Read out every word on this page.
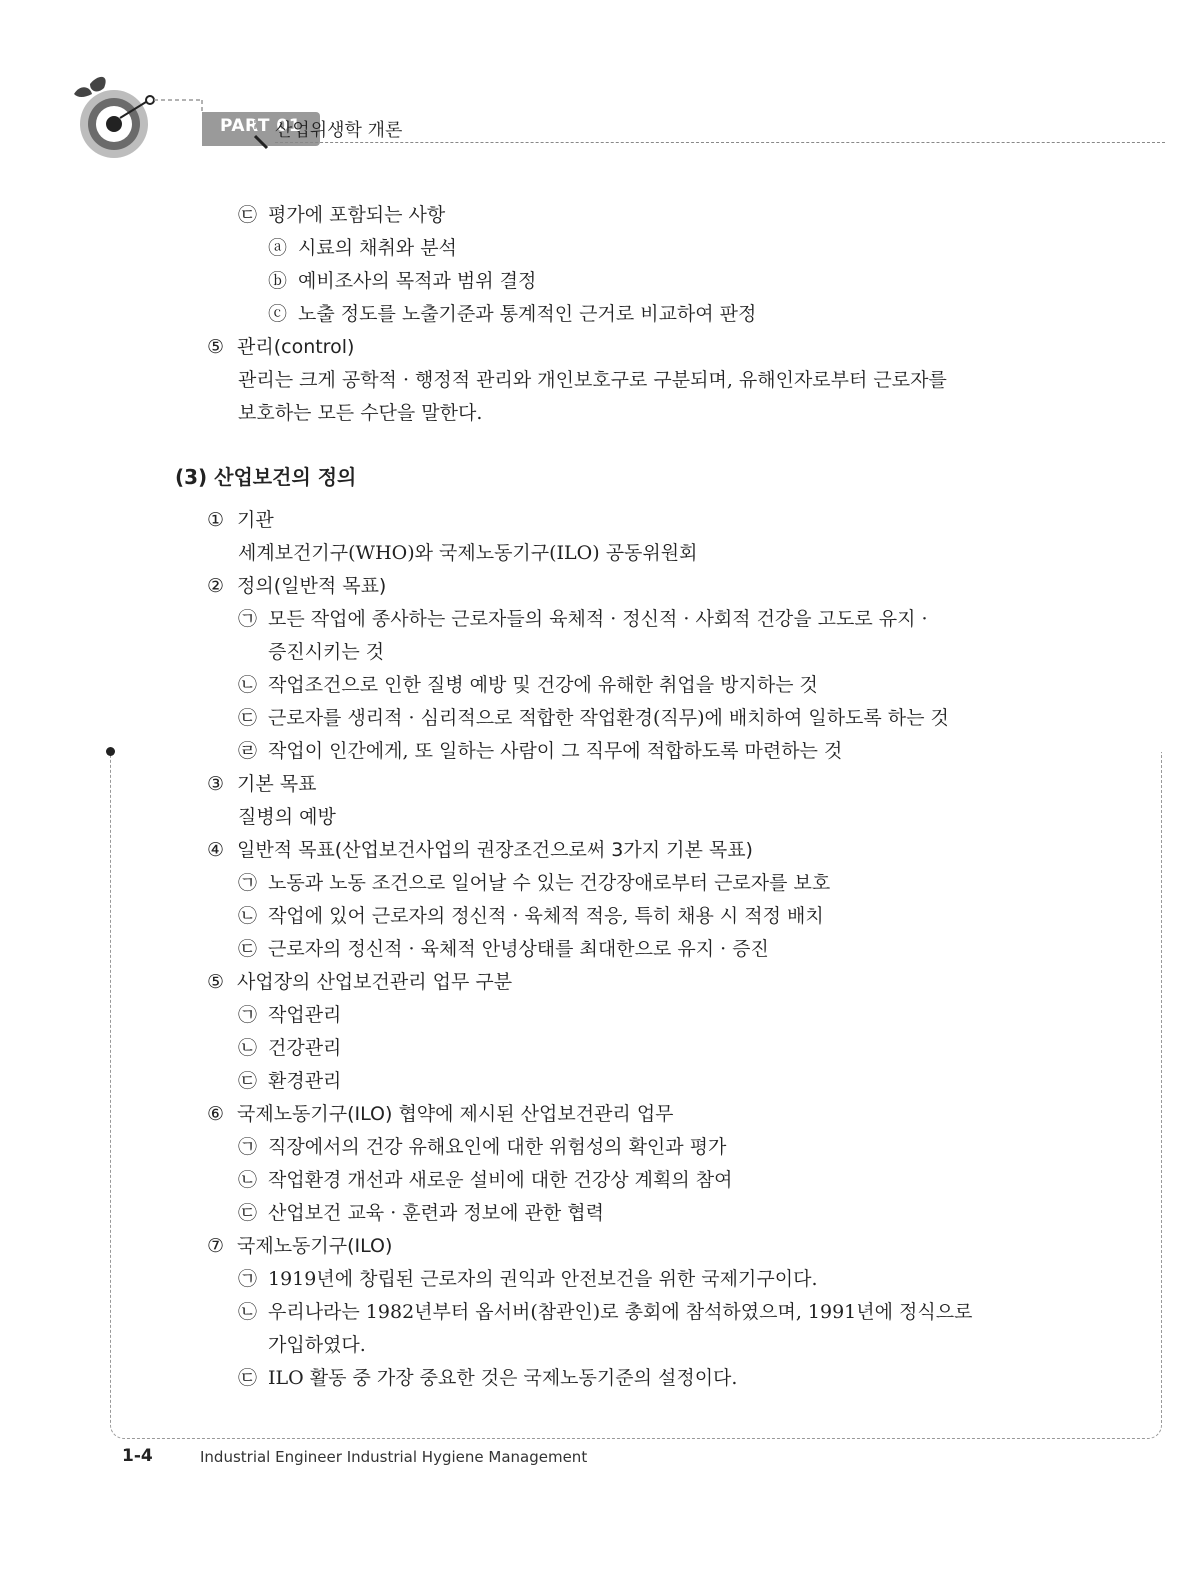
PART 01
산업위생학 개론
㉢ 평가에 포함되는 사항
ⓐ 시료의 채취와 분석
ⓑ 예비조사의 목적과 범위 결정
ⓒ 노출 정도를 노출기준과 통계적인 근거로 비교하여 판정
⑤ 관리(control)
관리는 크게 공학적 · 행정적 관리와 개인보호구로 구분되며, 유해인자로부터 근로자를
보호하는 모든 수단을 말한다.
(3) 산업보건의 정의
① 기관
세계보건기구(WHO)와 국제노동기구(ILO) 공동위원회
② 정의(일반적 목표)
㉠ 모든 작업에 종사하는 근로자들의 육체적 · 정신적 · 사회적 건강을 고도로 유지 ·
증진시키는 것
㉡ 작업조건으로 인한 질병 예방 및 건강에 유해한 취업을 방지하는 것
㉢ 근로자를 생리적 · 심리적으로 적합한 작업환경(직무)에 배치하여 일하도록 하는 것
㉣ 작업이 인간에게, 또 일하는 사람이 그 직무에 적합하도록 마련하는 것
③ 기본 목표
질병의 예방
④ 일반적 목표(산업보건사업의 권장조건으로써 3가지 기본 목표)
㉠ 노동과 노동 조건으로 일어날 수 있는 건강장애로부터 근로자를 보호
㉡ 작업에 있어 근로자의 정신적 · 육체적 적응, 특히 채용 시 적정 배치
㉢ 근로자의 정신적 · 육체적 안녕상태를 최대한으로 유지 · 증진
⑤ 사업장의 산업보건관리 업무 구분
㉠ 작업관리
㉡ 건강관리
㉢ 환경관리
⑥ 국제노동기구(ILO) 협약에 제시된 산업보건관리 업무
㉠ 직장에서의 건강 유해요인에 대한 위험성의 확인과 평가
㉡ 작업환경 개선과 새로운 설비에 대한 건강상 계획의 참여
㉢ 산업보건 교육 · 훈련과 정보에 관한 협력
⑦ 국제노동기구(ILO)
㉠ 1919년에 창립된 근로자의 권익과 안전보건을 위한 국제기구이다.
㉡ 우리나라는 1982년부터 옵서버(참관인)로 총회에 참석하였으며, 1991년에 정식으로
가입하였다.
㉢ ILO 활동 중 가장 중요한 것은 국제노동기준의 설정이다.
1-4	Industrial Engineer Industrial Hygiene Management
